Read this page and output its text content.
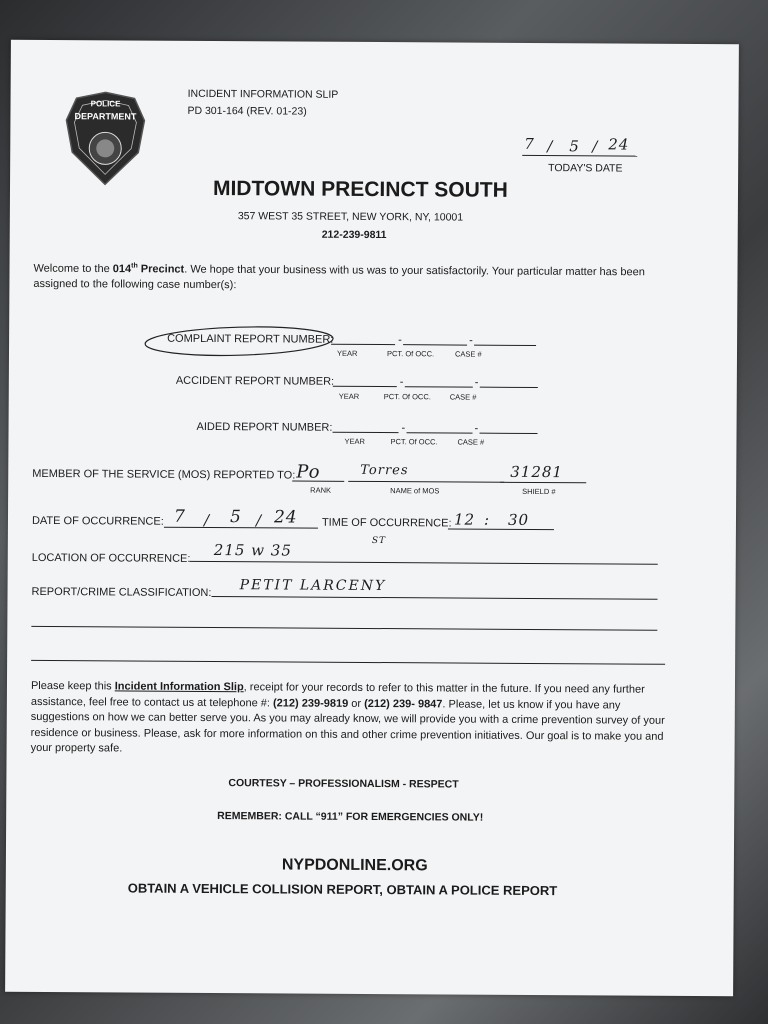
POLICE
DEPARTMENT
INCIDENT INFORMATION SLIP
PD 301-164 (REV. 01-23)
7 / 5 / 24
TODAY'S DATE
MIDTOWN PRECINCT SOUTH
357 WEST 35 STREET, NEW YORK, NY, 10001
212-239-9811
Welcome to the 014th Precinct. We hope that your business with us was to your satisfactorily. Your particular matter has been assigned to the following case number(s):
COMPLAINT REPORT NUMBER:	-	-
YEAR	PCT. Of OCC.	CASE #
ACCIDENT REPORT NUMBER:	-	-
YEAR	PCT. Of OCC.	CASE #
AIDED REPORT NUMBER:	-	-
YEAR	PCT. Of OCC.	CASE #
MEMBER OF THE SERVICE (MOS) REPORTED TO: Po	Torres	31281
RANK	NAME of MOS	SHIELD #
DATE OF OCCURRENCE: 7 / 5 / 24 TIME OF OCCURRENCE: 12 : 30
LOCATION OF OCCURRENCE: 215 w 35	ST
REPORT/CRIME CLASSIFICATION: PETIT LARCENY
Please keep this Incident Information Slip, receipt for your records to refer to this matter in the future. If you need any further assistance, feel free to contact us at telephone #: (212) 239-9819 or (212) 239- 9847. Please, let us know if you have any suggestions on how we can better serve you. As you may already know, we will provide you with a crime prevention survey of your residence or business. Please, ask for more information on this and other crime prevention initiatives. Our goal is to make you and your property safe.
COURTESY – PROFESSIONALISM - RESPECT
REMEMBER: CALL “911” FOR EMERGENCIES ONLY!
NYPDONLINE.ORG
OBTAIN A VEHICLE COLLISION REPORT, OBTAIN A POLICE REPORT
